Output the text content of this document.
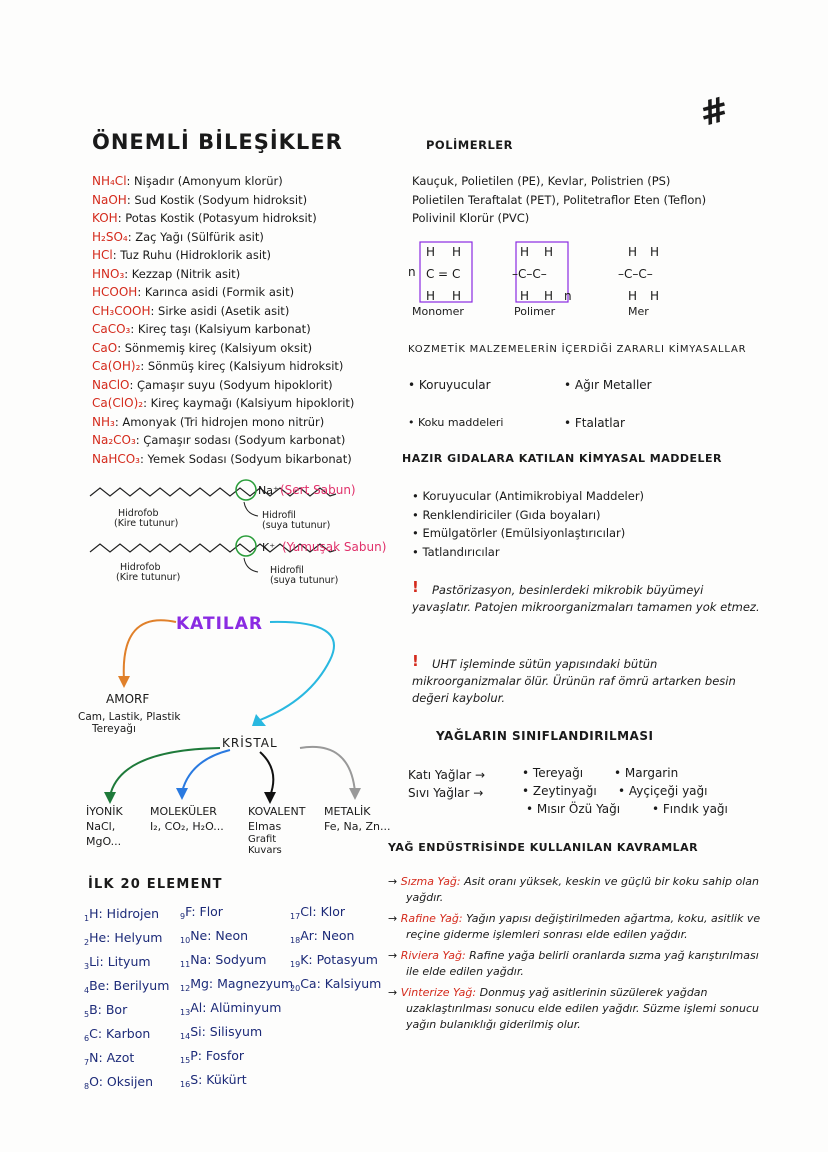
#
ÖNEMLİ BİLEŞİKLER
NH₄Cl: Nişadır (Amonyum klorür)
NaOH: Sud Kostik (Sodyum hidroksit)
KOH: Potas Kostik (Potasyum hidroksit)
H₂SO₄: Zaç Yağı (Sülfürik asit)
HCl: Tuz Ruhu (Hidroklorik asit)
HNO₃: Kezzap (Nitrik asit)
HCOOH: Karınca asidi (Formik asit)
CH₃COOH: Sirke asidi (Asetik asit)
CaCO₃: Kireç taşı (Kalsiyum karbonat)
CaO: Sönmemiş kireç (Kalsiyum oksit)
Ca(OH)₂: Sönmüş kireç (Kalsiyum hidroksit)
NaClO: Çamaşır suyu (Sodyum hipoklorit)
Ca(ClO)₂: Kireç kaymağı (Kalsiyum hipoklorit)
NH₃: Amonyak (Tri hidrojen mono nitrür)
Na₂CO₃: Çamaşır sodası (Sodyum karbonat)
NaHCO₃: Yemek Sodası (Sodyum bikarbonat)
Na⁺ (Sert Sabun)
Hidrofob
(Kire tutunur)
Hidrofil
(suya tutunur)
K⁺ (Yumuşak Sabun)
Hidrofob
(Kire tutunur)
Hidrofil
(suya tutunur)
KATILAR
AMORF
Cam, Lastik, Plastik
Tereyağı
KRİSTAL
İYONİK
NaCl,
MgO...
MOLEKÜLER
I₂, CO₂, H₂O...
KOVALENT
Elmas
Grafit
Kuvars
METALİK
Fe, Na, Zn...
İLK 20 ELEMENT
$_1$H: Hidrojen
$_2$He: Helyum
$_3$Li: Lityum
$_4$Be: Berilyum
$_5$B: Bor
$_6$C: Karbon
$_7$N: Azot
$_8$O: Oksijen
$_9$F: Flor
$_{10}$Ne: Neon
$_{11}$Na: Sodyum
$_{12}$Mg: Magnezyum
$_{13}$Al: Alüminyum
$_{14}$Si: Silisyum
$_{15}$P: Fosfor
$_{16}$S: Kükürt
$_{17}$Cl: Klor
$_{18}$Ar: Neon
$_{19}$K: Potasyum
$_{20}$Ca: Kalsiyum
POLİMERLER
Kauçuk, Polietilen (PE), Kevlar, Polistrien (PS)
Polietilen Teraftalat (PET), Politetraflor Eten (Teflon)
Polivinil Klorür (PVC)
n
H H
C = C
H H
H H
–C–C–
H H n
H H
–C–C–
H H
Monomer	Polimer	Mer
KOZMETİK MALZEMELERİN İÇERDİĞİ ZARARLI KİMYASALLAR
• Koruyucular	• Ağır Metaller
• Koku maddeleri	• Ftalatlar
HAZIR GIDALARA KATILAN KİMYASAL MADDELER
• Koruyucular (Antimikrobiyal Maddeler)
• Renklendiriciler (Gıda boyaları)
• Emülgatörler (Emülsiyonlaştırıcılar)
• Tatlandırıcılar
!	Pastörizasyon, besinlerdeki mikrobik büyümeyi yavaşlatır. Patojen mikroorganizmaları tamamen yok etmez.
!	UHT işleminde sütün yapısındaki bütün mikroorganizmalar ölür. Ürünün raf ömrü artarken besin değeri kaybolur.
YAĞLARIN SINIFLANDIRILMASI
Katı Yağlar →	• Tereyağı	• Margarin
Sıvı Yağlar →	• Zeytinyağı • Ayçiçeği yağı
• Mısır Özü Yağı	• Fındık yağı
YAĞ ENDÜSTRİSİNDE KULLANILAN KAVRAMLAR
→ Sızma Yağ: Asit oranı yüksek, keskin ve güçlü bir koku sahip olan yağdır.
→ Rafine Yağ: Yağın yapısı değiştirilmeden ağartma, koku, asitlik ve reçine giderme işlemleri sonrası elde edilen yağdır.
→ Riviera Yağ: Rafine yağa belirli oranlarda sızma yağ karıştırılması ile elde edilen yağdır.
→ Vinterize Yağ: Donmuş yağ asitlerinin süzülerek yağdan uzaklaştırılması sonucu elde edilen yağdır. Süzme işlemi sonucu yağın bulanıklığı giderilmiş olur.
